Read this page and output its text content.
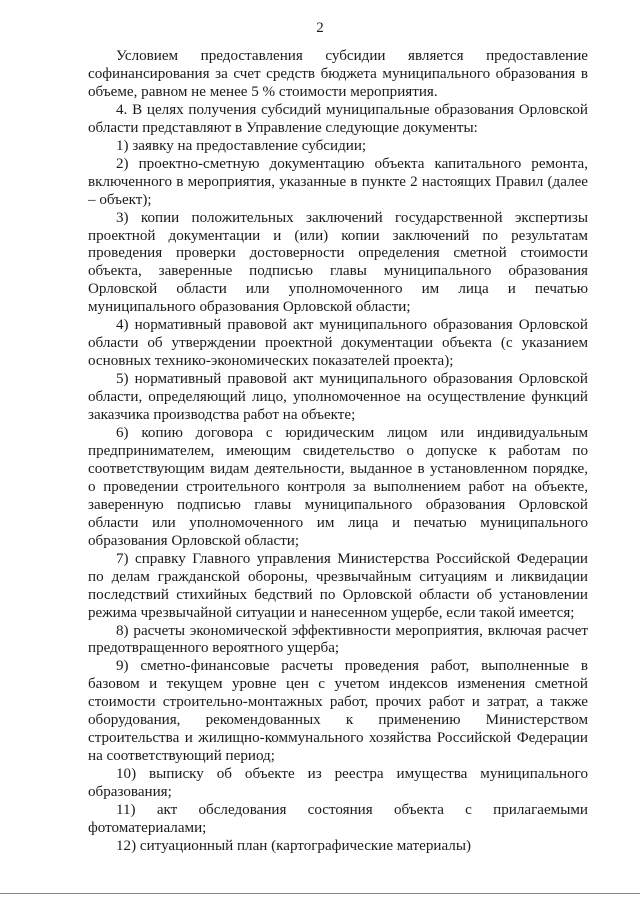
2

Условием предоставления субсидии является предоставление софинансирования за счет средств бюджета муниципального образования в объеме, равном не менее 5 % стоимости мероприятия.

4. В целях получения субсидий муниципальные образования Орловской области представляют в Управление следующие документы:

1) заявку на предоставление субсидии;

2) проектно-сметную документацию объекта капитального ремонта, включенного в мероприятия, указанные в пункте 2 настоящих Правил (далее – объект);

3) копии положительных заключений государственной экспертизы проектной документации и (или) копии заключений по результатам проведения проверки достоверности определения сметной стоимости объекта, заверенные подписью главы муниципального образования Орловской области или уполномоченного им лица и печатью муниципального образования Орловской области;

4) нормативный правовой акт муниципального образования Орловской области об утверждении проектной документации объекта (с указанием основных технико-экономических показателей проекта);

5) нормативный правовой акт муниципального образования Орловской области, определяющий лицо, уполномоченное на осуществление функций заказчика производства работ на объекте;

6) копию договора с юридическим лицом или индивидуальным предпринимателем, имеющим свидетельство о допуске к работам по соответствующим видам деятельности, выданное в установленном порядке, о проведении строительного контроля за выполнением работ на объекте, заверенную подписью главы муниципального образования Орловской области или уполномоченного им лица и печатью муниципального образования Орловской области;

7) справку Главного управления Министерства Российской Федерации по делам гражданской обороны, чрезвычайным ситуациям и ликвидации последствий стихийных бедствий по Орловской области об установлении режима чрезвычайной ситуации и нанесенном ущербе, если такой имеется;

8) расчеты экономической эффективности мероприятия, включая расчет предотвращенного вероятного ущерба;

9) сметно-финансовые расчеты проведения работ, выполненные в базовом и текущем уровне цен с учетом индексов изменения сметной стоимости строительно-монтажных работ, прочих работ и затрат, а также оборудования, рекомендованных к применению Министерством строительства и жилищно-коммунального хозяйства Российской Федерации на соответствующий период;

10) выписку об объекте из реестра имущества муниципального образования;

11) акт обследования состояния объекта с прилагаемыми фотоматериалами;

12) ситуационный план (картографические материалы)
